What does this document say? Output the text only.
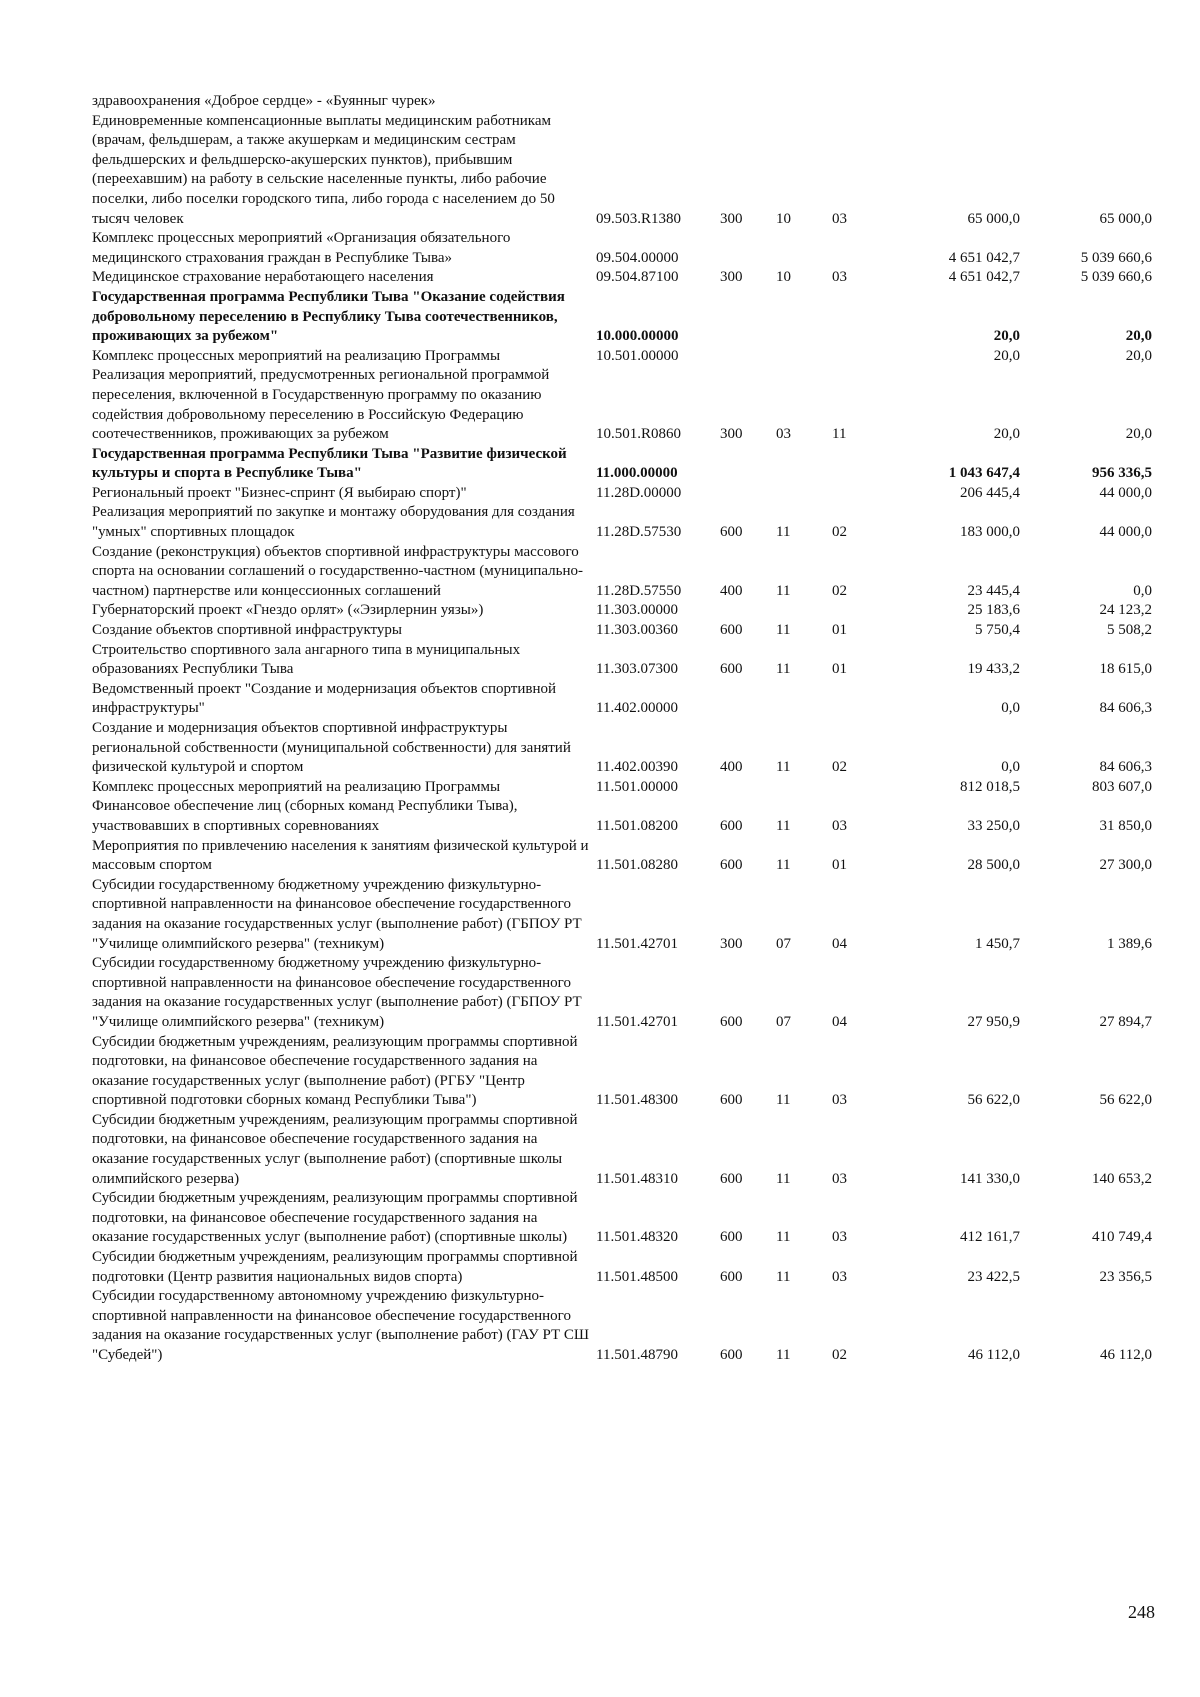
здравоохранения «Доброе сердце» - «Буянныг чурек»						
Единовременные компенсационные выплаты медицинским работникам (врачам, фельдшерам, а также акушеркам и медицинским сестрам фельдшерских и фельдшерско-акушерских пунктов), прибывшим (переехавшим) на работу в сельские населенные пункты, либо рабочие поселки, либо поселки городского типа, либо города с населением до 50 тысяч человек	09.503.R1380	300	10	03	65 000,0	65 000,0
Комплекс процессных мероприятий «Организация обязательного медицинского страхования граждан в Республике Тыва»	09.504.00000				4 651 042,7	5 039 660,6
Медицинское страхование неработающего населения	09.504.87100	300	10	03	4 651 042,7	5 039 660,6
Государственная программа Республики Тыва "Оказание содействия добровольному переселению в Республику Тыва соотечественников, проживающих за рубежом"	10.000.00000				20,0	20,0
Комплекс процессных мероприятий на реализацию Программы	10.501.00000				20,0	20,0
Реализация мероприятий, предусмотренных региональной программой переселения, включенной в Государственную программу по оказанию содействия добровольному переселению в Российскую Федерацию соотечественников, проживающих за рубежом	10.501.R0860	300	03	11	20,0	20,0
Государственная программа Республики Тыва "Развитие физической культуры и спорта в Республике Тыва"	11.000.00000				1 043 647,4	956 336,5
Региональный проект "Бизнес-спринт (Я выбираю спорт)"	11.28D.00000				206 445,4	44 000,0
Реализация мероприятий по закупке и монтажу оборудования для создания "умных" спортивных площадок	11.28D.57530	600	11	02	183 000,0	44 000,0
Создание (реконструкция) объектов спортивной инфраструктуры массового спорта на основании соглашений о государственно-частном (муниципально-частном) партнерстве или концессионных соглашений	11.28D.57550	400	11	02	23 445,4	0,0
Губернаторский проект «Гнездо орлят» («Эзирлернин уязы»)	11.303.00000				25 183,6	24 123,2
Создание объектов спортивной инфраструктуры	11.303.00360	600	11	01	5 750,4	5 508,2
Строительство спортивного зала ангарного типа в муниципальных образованиях Республики Тыва	11.303.07300	600	11	01	19 433,2	18 615,0
Ведомственный проект "Создание и модернизация объектов спортивной инфраструктуры"	11.402.00000				0,0	84 606,3
Создание и модернизация объектов спортивной инфраструктуры региональной собственности (муниципальной собственности) для занятий физической культурой и спортом	11.402.00390	400	11	02	0,0	84 606,3
Комплекс процессных мероприятий на реализацию Программы	11.501.00000				812 018,5	803 607,0
Финансовое обеспечение лиц (сборных команд Республики Тыва), участвовавших в спортивных соревнованиях	11.501.08200	600	11	03	33 250,0	31 850,0
Мероприятия по привлечению населения к занятиям физической культурой и массовым спортом	11.501.08280	600	11	01	28 500,0	27 300,0
Субсидии государственному бюджетному учреждению физкультурно-спортивной направленности на финансовое обеспечение государственного задания на оказание государственных услуг (выполнение работ) (ГБПОУ РТ "Училище олимпийского резерва" (техникум)	11.501.42701	300	07	04	1 450,7	1 389,6
Субсидии государственному бюджетному учреждению физкультурно-спортивной направленности на финансовое обеспечение государственного задания на оказание государственных услуг (выполнение работ) (ГБПОУ РТ "Училище олимпийского резерва" (техникум)	11.501.42701	600	07	04	27 950,9	27 894,7
Субсидии бюджетным учреждениям, реализующим программы спортивной подготовки, на финансовое обеспечение государственного задания на оказание государственных услуг (выполнение работ) (РГБУ "Центр спортивной подготовки сборных команд Республики Тыва")	11.501.48300	600	11	03	56 622,0	56 622,0
Субсидии бюджетным учреждениям, реализующим программы спортивной подготовки, на финансовое обеспечение государственного задания на оказание государственных услуг (выполнение работ) (спортивные школы олимпийского резерва)	11.501.48310	600	11	03	141 330,0	140 653,2
Субсидии бюджетным учреждениям, реализующим программы спортивной подготовки, на финансовое обеспечение государственного задания на оказание государственных услуг (выполнение работ) (спортивные школы)	11.501.48320	600	11	03	412 161,7	410 749,4
Субсидии бюджетным учреждениям, реализующим программы спортивной подготовки (Центр развития национальных видов спорта)	11.501.48500	600	11	03	23 422,5	23 356,5
Субсидии государственному автономному учреждению физкультурно-спортивной направленности на финансовое обеспечение государственного задания на оказание государственных услуг (выполнение работ) (ГАУ РТ СШ "Субедей")	11.501.48790	600	11	02	46 112,0	46 112,0
248
